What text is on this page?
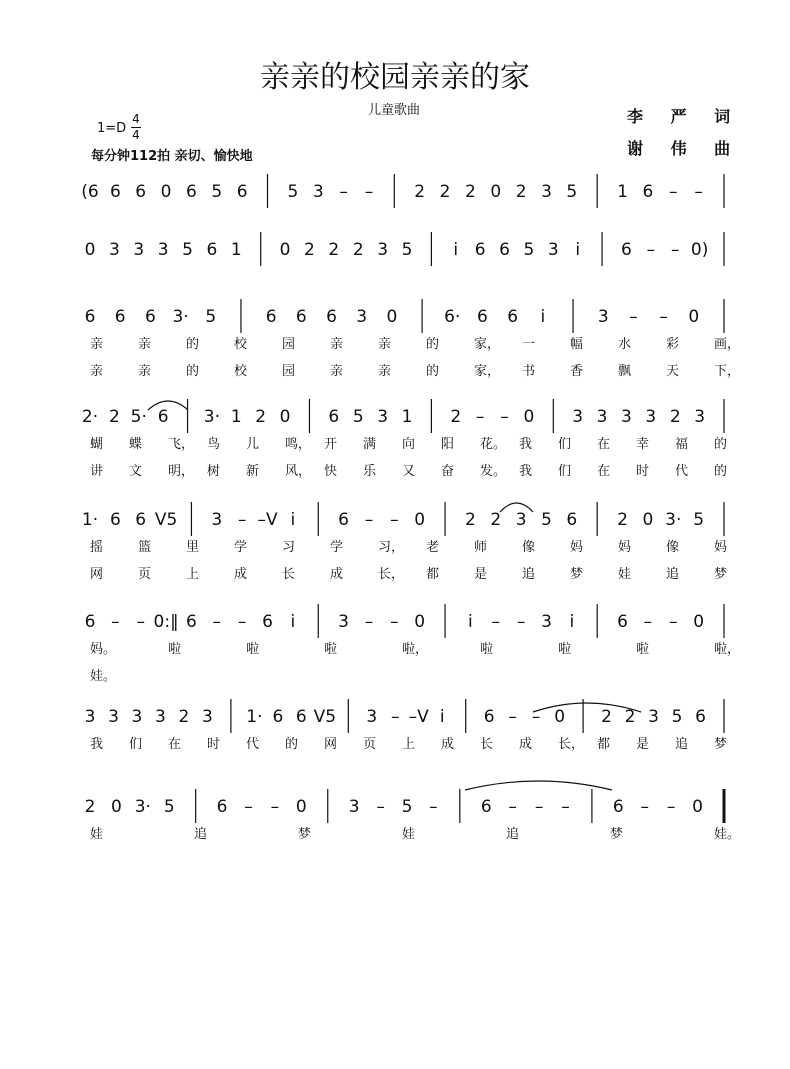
亲亲的校园亲亲的家
儿童歌曲	李 严 词
谢 伟 曲
1=D
4
4
每分钟112拍 亲切、愉快地
(6 6 6 0 6 5 6 5 3 – – 2 2 2 0 2 3 5 1 6 – –
0 3 3 3 5 6 1 0 2 2 2 3 5 i 6 6 5 3 i 6 – – 0)
6 6 6 3· 5	6 6 6 3 0	6· 6 6 i	3 – – 0
亲	亲	的	校	园	亲	亲	的	家， 一	幅	水	彩	画，
亲	亲	的	校	园	亲	亲	的	家， 书	香	飘	天	下，
2· 2 5· 6 3· 1 2 0 6 5 3 1 2 – – 0 3 3 3 3 2 3
蝴 蝶 飞， 鸟 儿 鸣， 开 满 向 阳 花。 我 们 在 幸 福 的
讲 文 明， 树 新 风， 快 乐 又 奋 发。 我 们 在 时 代 的
1· 6 6 V5 3 – –V i	6 – – 0 2 2 3 5 6 2 0 3· 5
摇	篮	里	学	习	学	习， 老	师	像	妈	妈	像	妈
网	页	上	成	长	成	长， 都	是	追	梦	娃	追	梦
6 – – 0:‖ 6 – – 6 i	3 – – 0	i – – 3 i	6 – – 0
妈。	啦	啦	啦	啦，	啦	啦	啦	啦，
娃。
3 3 3 3 2 3 1· 6 6 V5 3 – –V i 6 – – 0 2 2 3 5 6
我 们 在 时 代 的 网 页 上 成 长 成 长， 都 是 追 梦
2 0 3· 5 6 – – 0 3 – 5 –	6 – – –	6 – – 0
娃	追	梦	娃	追	梦	娃。
